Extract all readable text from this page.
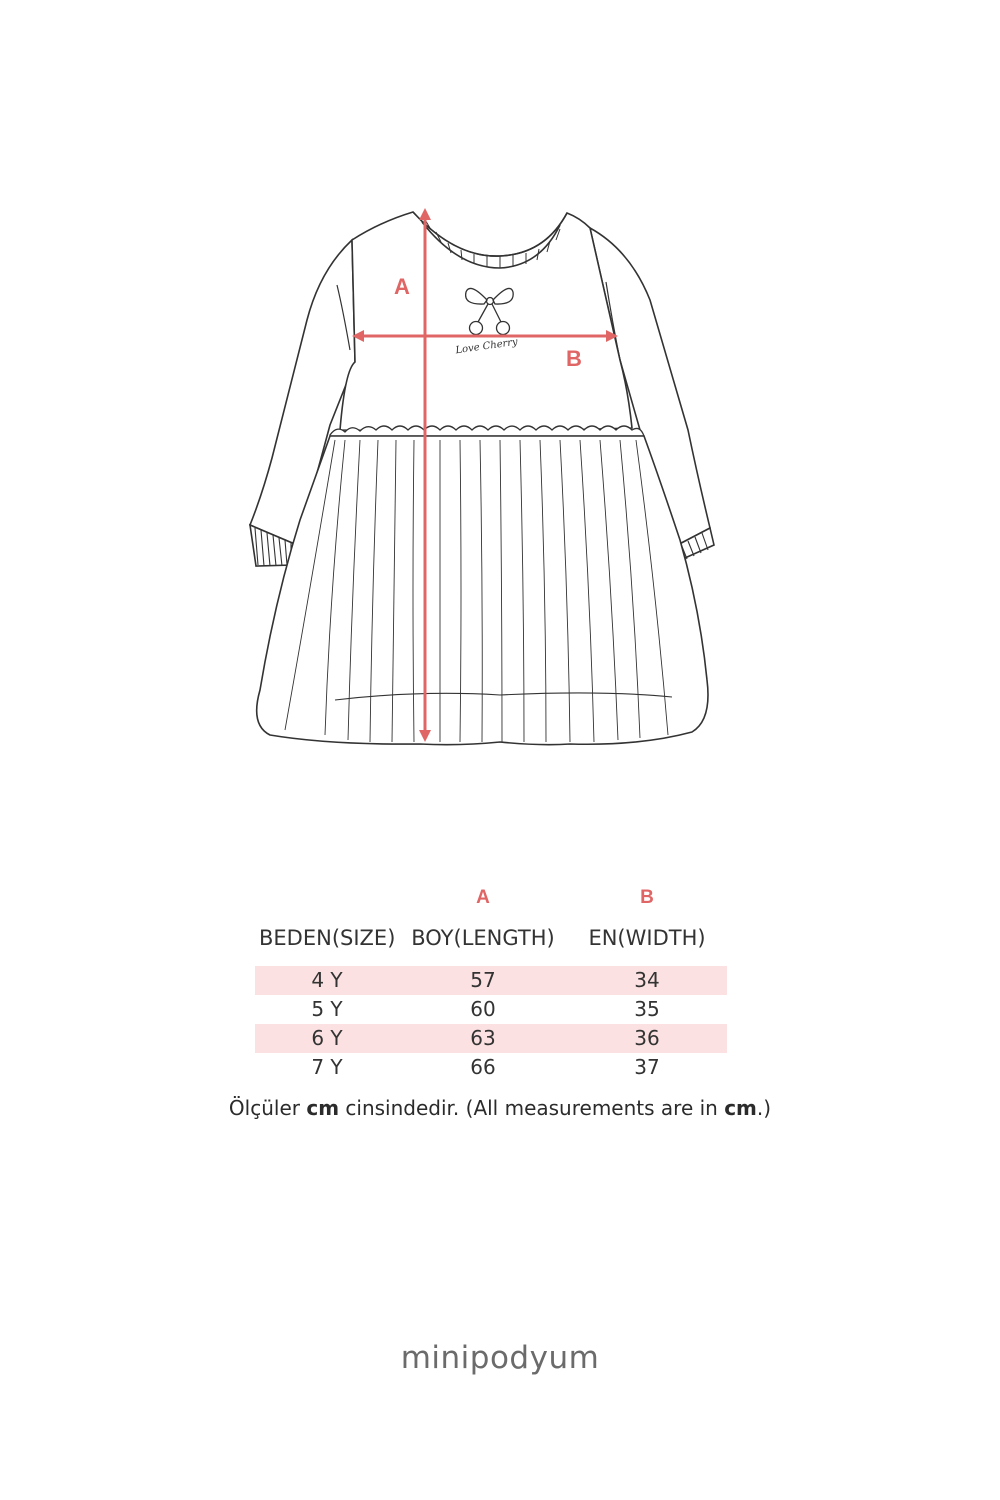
Love Cherry
A
B
	A	B
BEDEN(SIZE)	BOY(LENGTH)	EN(WIDTH)

4 Y	57	34
5 Y	60	35
6 Y	63	36
7 Y	66	37
Ölçüler cm cinsindedir. (All measurements are in cm.)
minipodyum
